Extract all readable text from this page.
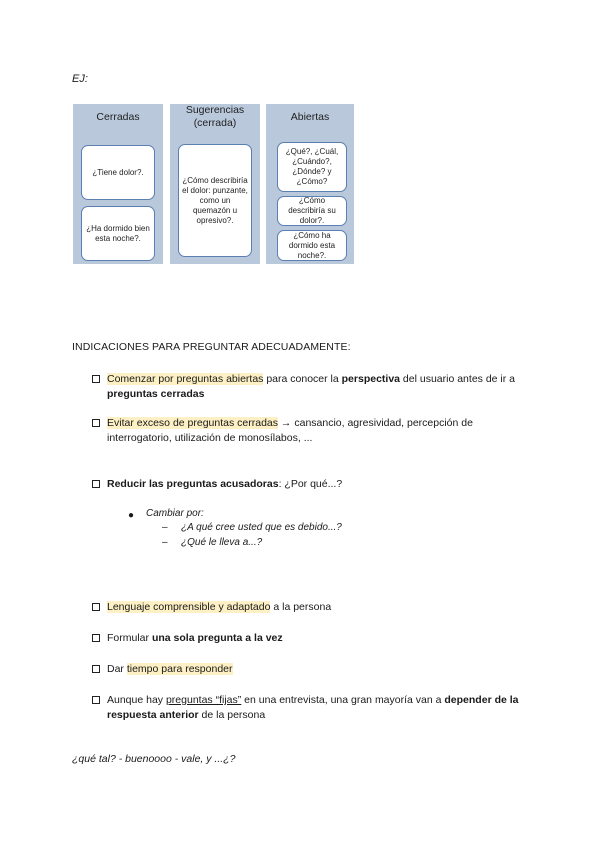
EJ:
Cerradas
¿Tiene dolor?.
¿Ha dormido bien esta noche?.
Sugerencias
(cerrada)
¿Cómo describiría el dolor: punzante, como un quemazón u opresivo?.
Abiertas
¿Qué?, ¿Cuál, ¿Cuándo?, ¿Dónde? y ¿Cómo?
¿Cómo describiría su dolor?.
¿Cómo ha dormido esta noche?.
INDICACIONES PARA PREGUNTAR ADECUADAMENTE:
Comenzar por preguntas abiertas para conocer la perspectiva del usuario antes de ir a preguntas cerradas
Evitar exceso de preguntas cerradas → cansancio, agresividad, percepción de interrogatorio, utilización de monosílabos, ...
Reducir las preguntas acusadoras: ¿Por qué...?
● Cambiar por:
– ¿A qué cree usted que es debido...?
– ¿Qué le lleva a...?
Lenguaje comprensible y adaptado a la persona
Formular una sola pregunta a la vez
Dar tiempo para responder
Aunque hay preguntas “fijas” en una entrevista, una gran mayoría van a depender de la respuesta anterior de la persona
¿qué tal? - buenoooo - vale, y ...¿?
